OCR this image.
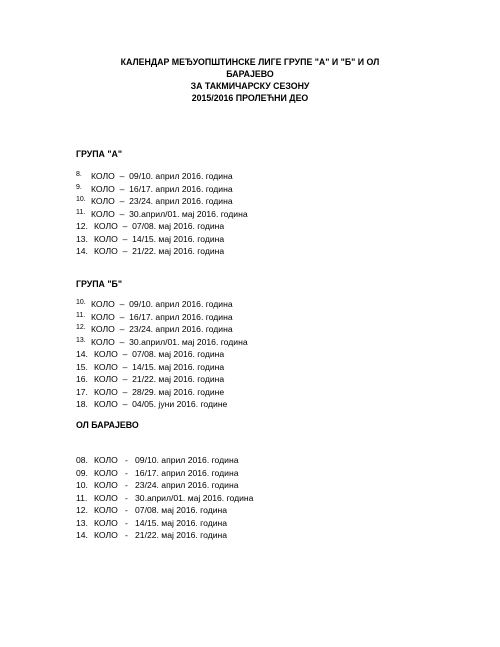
КАЛЕНДАР МЕЂУОПШТИНСКЕ ЛИГЕ ГРУПЕ "А" И "Б" И ОЛ
БАРАЈЕВО
ЗА ТАКМИЧАРСКУ СЕЗОНУ
2015/2016 ПРОЛЕЋНИ ДЕО
ГРУПА "А"
8.	КОЛО  –  09/10. април 2016. година
9.	КОЛО  –  16/17. април 2016. година
10. КОЛО  –  23/24. април 2016. година
11. КОЛО  –  30.април/01. мај 2016. година
12. КОЛО  –  07/08. мај 2016. година
13. КОЛО  –  14/15. мај 2016. година
14. КОЛО  –  21/22. мај 2016. година
ГРУПА "Б"
10. КОЛО  –  09/10. април 2016. година
11. КОЛО  –  16/17. април 2016. година
12. КОЛО  –  23/24. април 2016. година
13. КОЛО  –  30.април/01. мај 2016. година
14. КОЛО  –  07/08. мај 2016. година
15. КОЛО  –  14/15. мај 2016. година
16. КОЛО  –  21/22. мај 2016. година
17. КОЛО  –  28/29. мај 2016. године
18. КОЛО  –  04/05. јуни 2016. године
ОЛ БАРАЈЕВО
08. КОЛО   -   09/10. април 2016. година
09. КОЛО   -   16/17. април 2016. година
10. КОЛО   -   23/24. април 2016. година
11. КОЛО   -   30.април/01. мај 2016. година
12. КОЛО   -   07/08. мај 2016. година
13. КОЛО   -   14/15. мај 2016. година
14. КОЛО   -   21/22. мај 2016. година
